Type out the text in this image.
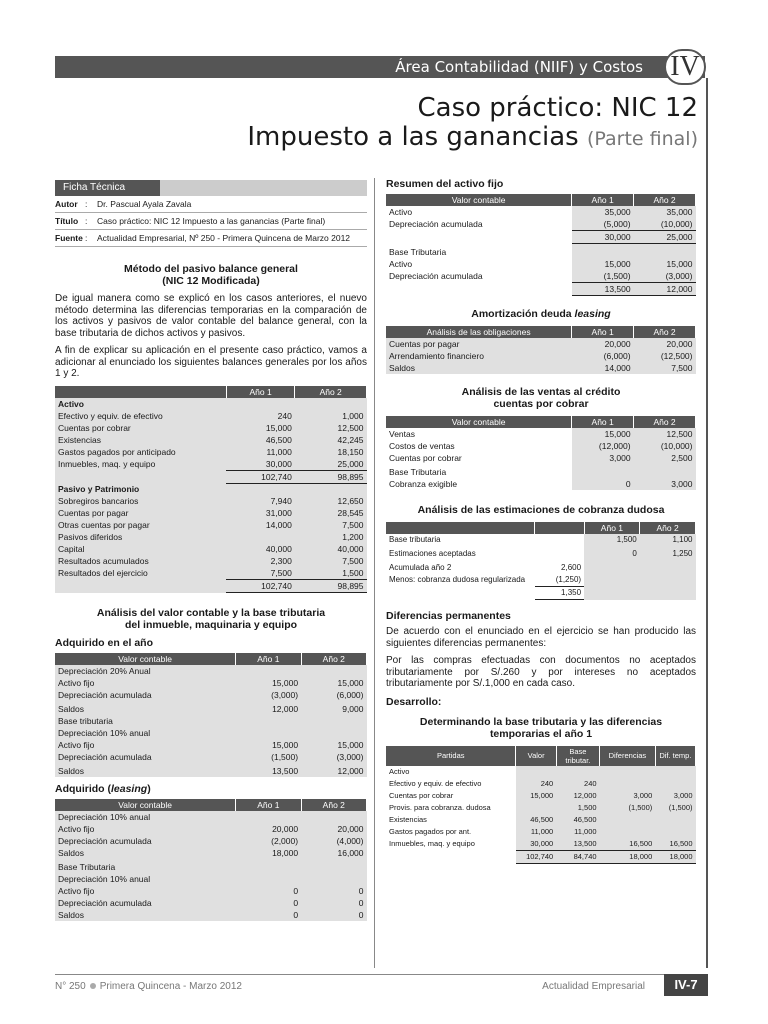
Área Contabilidad (NIIF) y Costos IV
Caso práctico: NIC 12
Impuesto a las ganancias (Parte final)
Ficha Técnica
Autor :	Dr. Pascual Ayala Zavala
Título :	Caso práctico: NIC 12 Impuesto a las ganancias (Parte final)
Fuente :	Actualidad Empresarial, Nº 250 - Primera Quincena de Marzo 2012
Método del pasivo balance general
(NIC 12 Modificada)

De igual manera como se explicó en los casos anteriores, el nuevo método determina las diferencias temporarias en la comparación de los activos y pasivos de valor contable del balance general, con la base tributaria de dichos activos y pasivos.

A fin de explicar su aplicación en el presente caso práctico, vamos a adicionar al enunciado los siguientes balances generales por los años 1 y 2.

	Año 1	Año 2
Activo		
Efectivo y equiv. de efectivo	240	1,000
Cuentas por cobrar	15,000	12,500
Existencias	46,500	42,245
Gastos pagados por anticipado	11,000	18,150
Inmuebles, maq. y equipo	30,000	25,000
	102,740	98,895
Pasivo y Patrimonio		
Sobregiros bancarios	7,940	12,650
Cuentas por pagar	31,000	28,545
Otras cuentas por pagar	14,000	7,500
Pasivos diferidos		1,200
Capital	40,000	40,000
Resultados acumulados	2,300	7,500
Resultados del ejercicio	7,500	1,500
	102,740	98,895
Análisis del valor contable y la base tributaria
del inmueble, maquinaria y equipo
Adquirido en el año
Valor contable	Año 1	Año 2
Depreciación 20% Anual		
Activo fijo	15,000	15,000
Depreciación acumulada	(3,000)	(6,000)

Saldos	12,000	9,000
Base tributaria		
Depreciación 10% anual		
Activo fijo	15,000	15,000
Depreciación acumulada	(1,500)	(3,000)

Saldos	13,500	12,000
Adquirido (leasing)
Valor contable	Año 1	Año 2
Depreciación 10% anual		
Activo fijo	20,000	20,000
Depreciación acumulada	(2,000)	(4,000)
Saldos	18,000	16,000

Base Tributaria		
Depreciación 10% anual		
Activo fijo	0	0
Depreciación acumulada	0	0
Saldos	0	0
Resumen del activo fijo
Valor contable	Año 1	Año 2
Activo	35,000	35,000
Depreciación acumulada	(5,000)	(10,000)
	30,000	25,000

Base Tributaria		
Activo	15,000	15,000
Depreciación acumulada	(1,500)	(3,000)
	13,500	12,000
Amortización deuda leasing
Análisis de las obligaciones	Año 1	Año 2
Cuentas por pagar	20,000	20,000
Arrendamiento financiero	(6,000)	(12,500)
Saldos	14,000	7,500
Análisis de las ventas al crédito
cuentas por cobrar
Valor contable	Año 1	Año 2
Ventas	15,000	12,500
Costos de ventas	(12,000)	(10,000)
Cuentas por cobrar	3,000	2,500

Base Tributaria		
Cobranza exigible	0	3,000
Análisis de las estimaciones de cobranza dudosa
		Año 1	Año 2
Base tributaria		1,500	1,100

Estimaciones aceptadas		0	1,250

Acumulada año 2	2,600		
Menos: cobranza dudosa regularizada	(1,250)		
	1,350		
Diferencias permanentes

De acuerdo con el enunciado en el ejercicio se han producido las siguientes diferencias permanentes:

Por las compras efectuadas con documentos no aceptados tributariamente por S/.260 y por intereses no aceptados tributariamente por S/.1,000 en cada caso.

Desarrollo:
Determinando la base tributaria y las diferencias
temporarias el año 1
Partidas	Valor	Base tributar.	Diferencias	Dif. temp.
Activo				
Efectivo y equiv. de efectivo	240	240		
Cuentas por cobrar	15,000	12,000	3,000	3,000
Provis. para cobranza. dudosa		1,500	(1,500)	(1,500)
Existencias	46,500	46,500		
Gastos pagados por ant.	11,000	11,000		
Inmuebles, maq. y equipo	30,000	13,500	16,500	16,500
	102,740	84,740	18,000	18,000
N° 250 Primera Quincena - Marzo 2012	Actualidad Empresarial	IV-7
